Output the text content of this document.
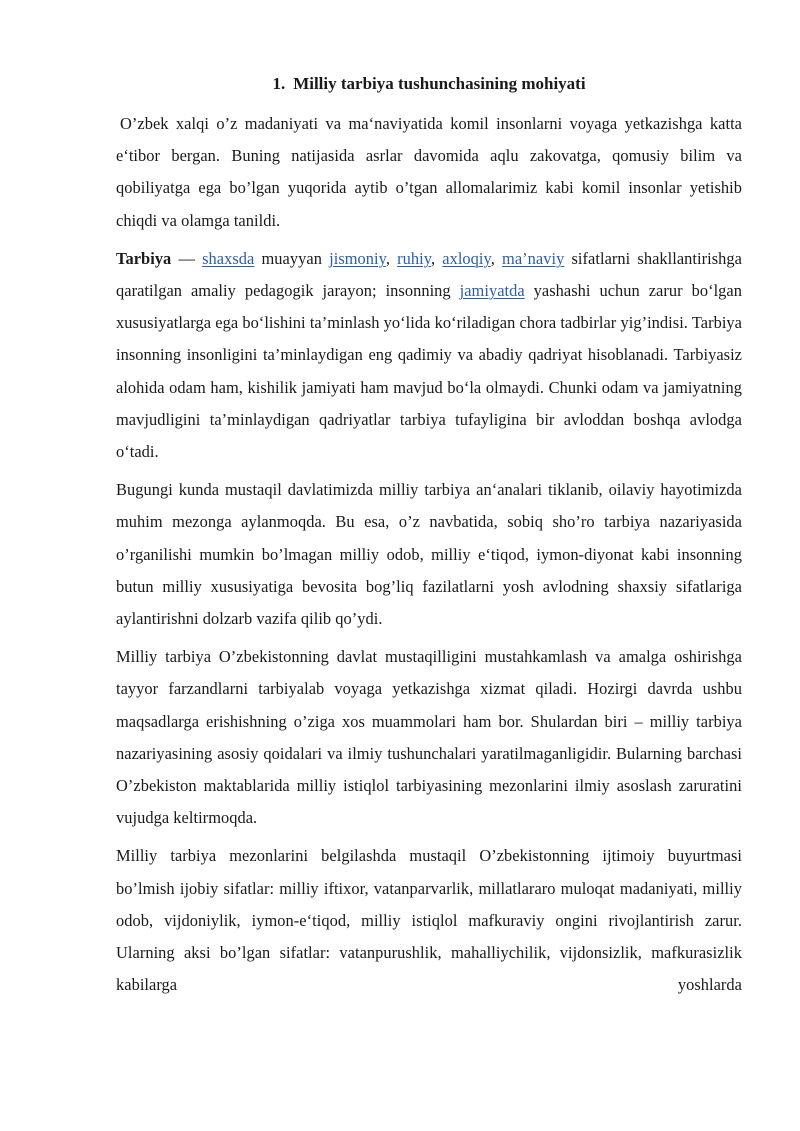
1. Milliy tarbiya tushunchasining mohiyati

O’zbek xalqi o’z madaniyati va ma‘naviyatida komil insonlarni voyaga yetkazishga katta e‘tibor bergan. Buning natijasida asrlar davomida aqlu zakovatga, qomusiy bilim va qobiliyatga ega bo’lgan yuqorida aytib o’tgan allomalarimiz kabi komil insonlar yetishib chiqdi va olamga tanildi.

Tarbiya — shaxsda muayyan jismoniy, ruhiy, axloqiy, ma’naviy sifatlarni shakllantirishga qaratilgan amaliy pedagogik jarayon; insonning jamiyatda yashashi uchun zarur bo‘lgan xususiyatlarga ega bo‘lishini ta’minlash yo‘lida ko‘riladigan chora tadbirlar yig’indisi. Tarbiya insonning insonligini ta’minlaydigan eng qadimiy va abadiy qadriyat hisoblanadi. Tarbiyasiz alohida odam ham, kishilik jamiyati ham mavjud bo‘la olmaydi. Chunki odam va jamiyatning mavjudligini ta’minlaydigan qadriyatlar tarbiya tufayligina bir avloddan boshqa avlodga o‘tadi.

Bugungi kunda mustaqil davlatimizda milliy tarbiya an‘analari tiklanib, oilaviy hayotimizda muhim mezonga aylanmoqda. Bu esa, o’z navbatida, sobiq sho’ro tarbiya nazariyasida o’rganilishi mumkin bo’lmagan milliy odob, milliy e‘tiqod, iymon-diyonat kabi insonning butun milliy xususiyatiga bevosita bog’liq fazilatlarni yosh avlodning shaxsiy sifatlariga aylantirishni dolzarb vazifa qilib qo’ydi.

Milliy tarbiya O’zbekistonning davlat mustaqilligini mustahkamlash va amalga oshirishga tayyor farzandlarni tarbiyalab voyaga yetkazishga xizmat qiladi. Hozirgi davrda ushbu maqsadlarga erishishning o’ziga xos muammolari ham bor. Shulardan biri – milliy tarbiya nazariyasining asosiy qoidalari va ilmiy tushunchalari yaratilmaganligidir. Bularning barchasi O’zbekiston maktablarida milliy istiqlol tarbiyasining mezonlarini ilmiy asoslash zaruratini vujudga keltirmoqda.

Milliy tarbiya mezonlarini belgilashda mustaqil O’zbekistonning ijtimoiy buyurtmasi bo’lmish ijobiy sifatlar: milliy iftixor, vatanparvarlik, millatlararo muloqat madaniyati, milliy odob, vijdoniylik, iymon-e‘tiqod, milliy istiqlol mafkuraviy ongini rivojlantirish zarur. Ularning aksi bo’lgan sifatlar: vatanpurushlik, mahalliychilik, vijdonsizlik, mafkurasizlik kabilarga yoshlarda
